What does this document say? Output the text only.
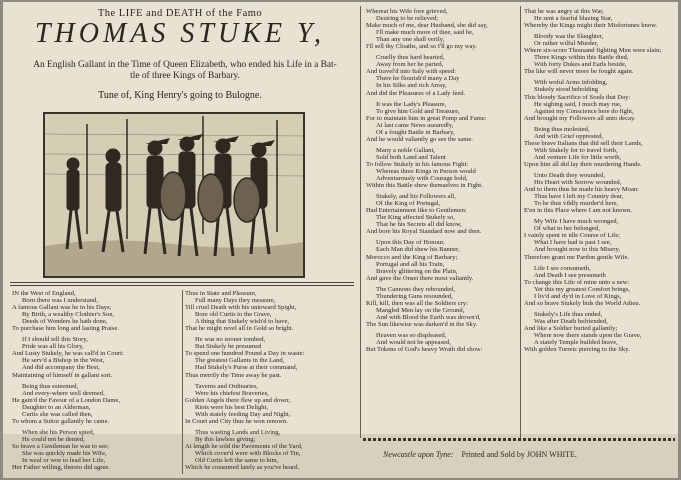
The LIFE and DEATH of the Famo
THOMAS STUKE Y,
An English Gallant in the Time of Queen Elizabeth, who ended his Life in a Bat-
tle of three Kings of Barbary.
Tune of, King Henry's going to Bulogne.
IN the West of England,
Born there was I understand,
A famous Gallant was he in his Days;
By Birth, a wealthy Clothier's Son,
Deeds of Wonders he hath done,
To purchase him long and lasting Praise.
If I should tell this Story,
Pride was all his Glory,
And Lusty Stukely, he was call'd in Court:
He serv'd a Bishop in the West,
And did accompany the Best,
Maintaining of himself in gallant sort.
Being thus esteemed,
And every-where well deemed,
He gain'd the Favour of a London Dame,
Daughter to an Alderman,
Curtis she was called then,
To whom a Suitor gallantly he came.
When she his Person spied,
He could not be denied,
So brave a Gentleman he was to see;
She was quickly made his Wife,
In weal or woe to lead her Life,
Her Father willing, thereto did agree.
Thus in State and Pleasure,
Full many Days they measure,
Till cruel Death with his untoward Spight,
Bore old Curtis to the Grave,
A thing that Stukely wish'd to have,
That he might revel all in Gold so bright.
He was no sooner tombed,
But Stukely he presumed
To spend one hundred Pound a Day in waste:
The greatest Gallants in the Land,
Had Stukely's Purse at their command,
Thus merrily the Time away he past.
Taverns and Ordinaries,
Were his chiefest Braveries,
Golden Angels there flew up and down;
Riots were his best Delight,
With stately feeding Day and Night,
In Court and City thus he won renown.
Thus wasting Lands and Living,
By this lawless giving;
At length he sold the Pavements of the Yard,
Which cover'd were with Blocks of Tin,
Old Curtis left the same to him,
Which he consumed lately as you've heard.
Whereat his Wife fore grieved,
Desiring to be relieved;
Make much of me, dear Husband, she did say,
I'll make much more of thee, said he,
Than any one shall verily,
I'll sell thy Cloaths, and so I'll go my way.
Cruelly thus hard hearted,
Away from her he parted,
And travel'd into Italy with speed:
There he flourish'd many a Day
In his Silks and rich Array,
And did the Pleasures of a Lady feed.
It was the Lady's Pleasure,
To give him Gold and Treasure,
For to maintain him in great Pomp and Fame:
At last came News assuredly,
Of a fought Battle in Barbary,
And he would valiantly go see the same.
Many a noble Gallant,
Sold both Land and Talent
To follow Stukely in his famous Fight:
Whereas three Kings in Person would
Adventurously with Courage bold,
Within this Battle shew themselves in Fight.
Stukely, and his Followers all,
Of the King of Portugal,
Had Entertainment like to Gentlemen:
The King affected Stukely so,
That he his Secrets all did know,
And bore his Royal Standard now and then.
Upon this Day of Honour,
Each Man did shew his Banner,
Morocco and the King of Barbary;
Portugal and all his Train,
Bravely glittering on the Plain,
And gave the Onset there most valiantly.
The Cannons they rebounded,
Thundering Guns resounded,
Kill, kill, then was all the Soldiers cry:
Mangled Men lay on the Ground,
And with Blood the Earth was drown'd,
The Sun likewise was darken'd in the Sky.
Heaven was so displeased,
And would not be appeased,
But Tokens of God's heavy Wrath did show:
That he was angry at this War,
He sent a fearful blazing Star,
Whereby the Kings might their Misfortunes know.
Bloody was the Slaughter,
Or rather wilful Murder,
Where six-score Thousand fighting Men were slain;
Three Kings within this Battle died,
With forty Dukes and Earls beside,
The like will never more be fought again.
With woful Arms infolding,
Stukely stood beholding
This bloody Sacrifice of Souls that Day:
He sighing said, I much may rue,
Against my Conscience here do fight,
And brought my Followers all unto decay.
Being thus molested,
And with Grief opprested,
These brave Italians that did sell their Lands,
With Stukely for to travel forth,
And venture Life for little worth,
Upon him all did lay their murdering Hands.
Unto Death they wounded,
His Heart with Sorrow wounded,
And to them thus he made his heavy Moan:
Thus have I left my Country dear,
To be thus vildly murder'd here,
E'en in this Place where I am not known.
My Wife I have much wronged,
Of what to her belonged,
I vainly spent in idle Course of Life;
What I have had is past I see,
And brought now to this Misery,
Therefore grant me Pardon gentle Wife.
Life I see consumeth,
And Death I see presumeth
To change this Life of mine unto a new:
Yet this my greatest Comfort brings,
I liv'd and dy'd in Love of Kings,
And so brave Stukely bids the World Adieu.
Stukely's Life thus ended,
Was after Death befriended,
And like a Soldier buried gallantly;
Where now there stands upon the Grave,
A stately Temple builded brave,
With golden Turrets piercing to the Sky.
Newcastle upon Tyne: Printed and Sold by JOHN WHITE.
